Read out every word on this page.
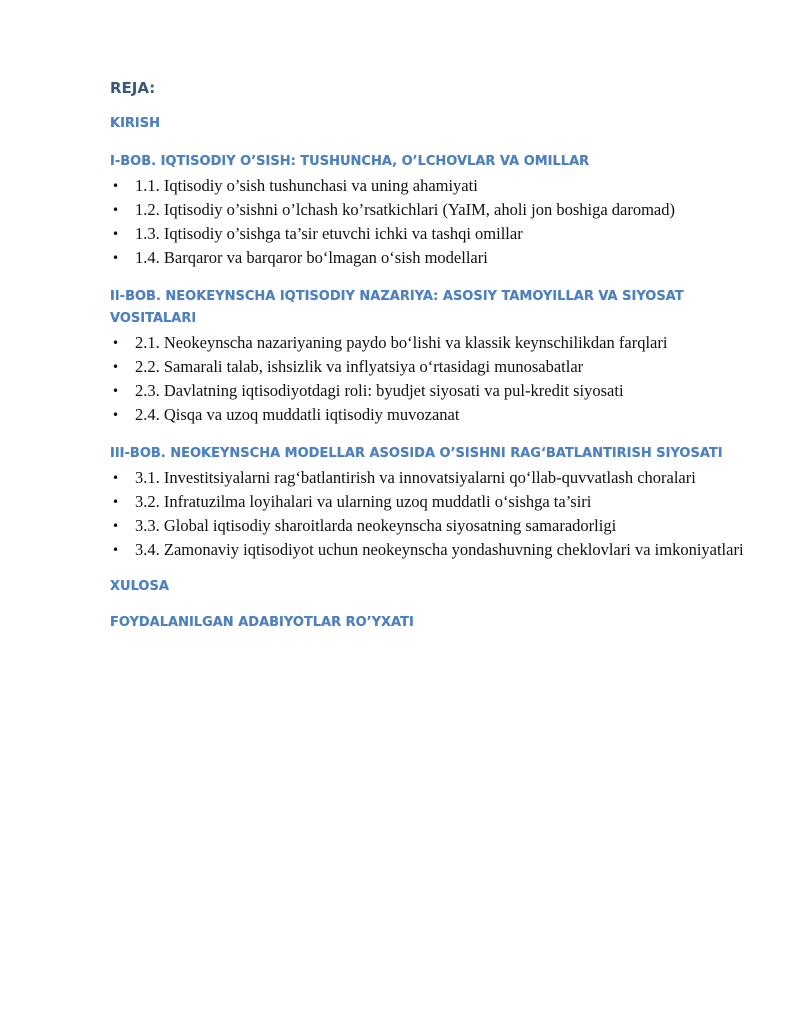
REJA:
KIRISH
I-BOB. IQTISODIY O’SISH: TUSHUNCHA, O’LCHOVLAR VA OMILLAR
• 1.1. Iqtisodiy o’sish tushunchasi va uning ahamiyati
• 1.2. Iqtisodiy o’sishni o’lchash ko’rsatkichlari (YaIM, aholi jon boshiga daromad)
• 1.3. Iqtisodiy o’sishga ta’sir etuvchi ichki va tashqi omillar
• 1.4. Barqaror va barqaror bo‘lmagan o‘sish modellari
II-BOB. NEOKEYNSCHA IQTISODIY NAZARIYA: ASOSIY TAMOYILLAR VA SIYOSAT VOSITALARI
• 2.1. Neokeynscha nazariyaning paydo bo‘lishi va klassik keynschilikdan farqlari
• 2.2. Samarali talab, ishsizlik va inflyatsiya o‘rtasidagi munosabatlar
• 2.3. Davlatning iqtisodiyotdagi roli: byudjet siyosati va pul-kredit siyosati
• 2.4. Qisqa va uzoq muddatli iqtisodiy muvozanat
III-BOB. NEOKEYNSCHA MODELLAR ASOSIDA O’SISHNI RAG‘BATLANTIRISH SIYOSATI
• 3.1. Investitsiyalarni rag‘batlantirish va innovatsiyalarni qo‘llab-quvvatlash choralari
• 3.2. Infratuzilma loyihalari va ularning uzoq muddatli o‘sishga ta’siri
• 3.3. Global iqtisodiy sharoitlarda neokeynscha siyosatning samaradorligi
• 3.4. Zamonaviy iqtisodiyot uchun neokeynscha yondashuvning cheklovlari va imkoniyatlari
XULOSA
FOYDALANILGAN ADABIYOTLAR RO’YXATI
